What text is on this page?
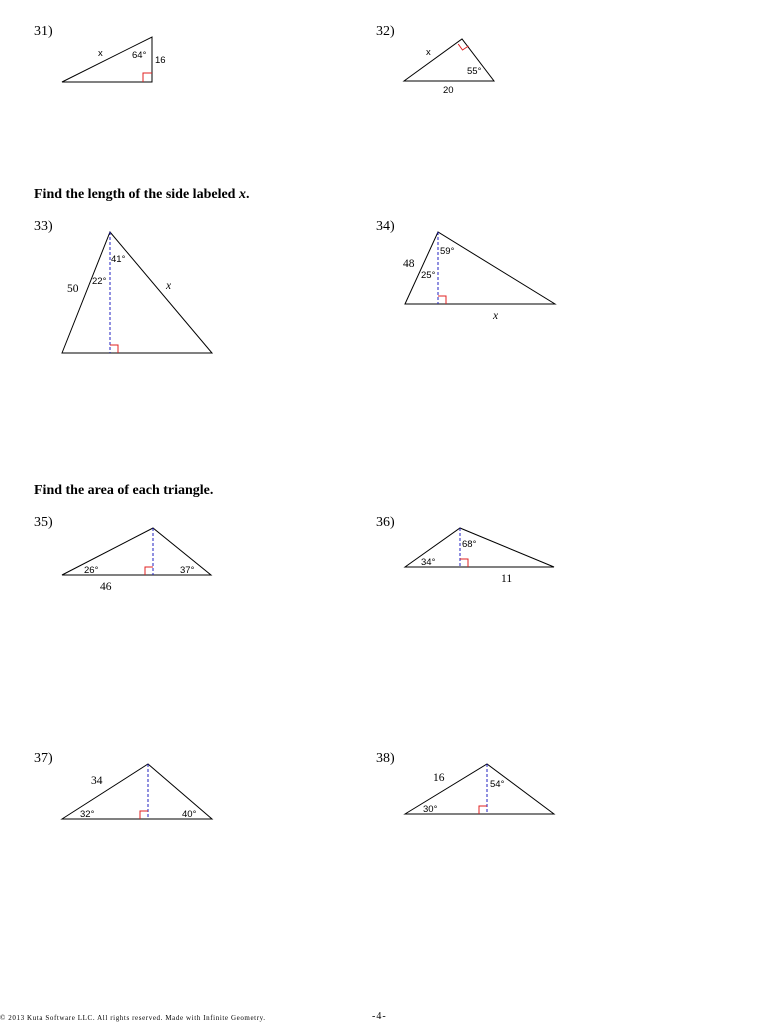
31)	32)
33)	34)
35)	36)
37)	38)
Find the length of the side labeled x.
Find the area of each triangle.
x	64° 16
x
55°
20
50
22°
41°
x
48
59°
25°
x
26°	37°
46
68°
34°
11
34
32°	40°
16
54°
30°
© 2013 Kuta Software LLC. All rights reserved. Made with Infinite Geometry.	-4-
